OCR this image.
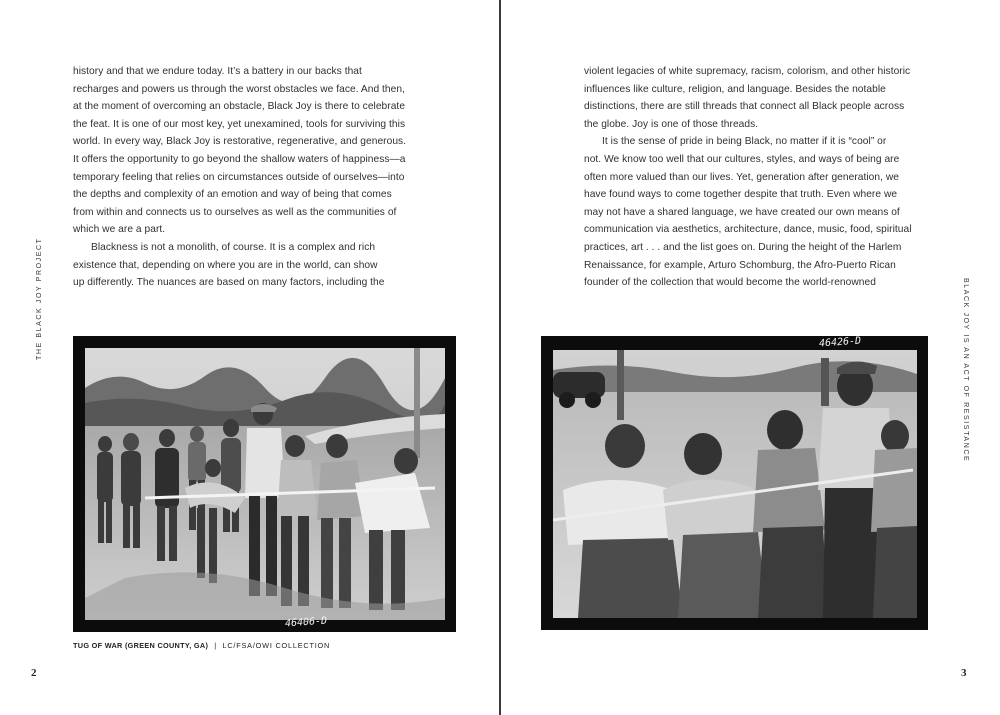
THE BLACK JOY PROJECT

history and that we endure today. It’s a battery in our backs that
recharges and powers us through the worst obstacles we face. And then,
at the moment of overcoming an obstacle, Black Joy is there to celebrate
the feat. It is one of our most key, yet unexamined, tools for surviving this
world. In every way, Black Joy is restorative, regenerative, and generous.
It offers the opportunity to go beyond the shallow waters of happiness—a
temporary feeling that relies on circumstances outside of ourselves—into
the depths and complexity of an emotion and way of being that comes
from within and connects us to ourselves as well as the communities of
which we are a part.

Blackness is not a monolith, of course. It is a complex and rich
existence that, depending on where you are in the world, can show
up differently. The nuances are based on many factors, including the

46406-D
TUG OF WAR (GREEN COUNTY, GA) | LC/FSA/OWI COLLECTION
2

violent legacies of white supremacy, racism, colorism, and other historic
influences like culture, religion, and language. Besides the notable
distinctions, there are still threads that connect all Black people across
the globe. Joy is one of those threads.

It is the sense of pride in being Black, no matter if it is “cool” or
not. We know too well that our cultures, styles, and ways of being are
often more valued than our lives. Yet, generation after generation, we
have found ways to come together despite that truth. Even where we
may not have a shared language, we have created our own means of
communication via aesthetics, architecture, dance, music, food, spiritual
practices, art . . . and the list goes on. During the height of the Harlem
Renaissance, for example, Arturo Schomburg, the Afro-Puerto Rican
founder of the collection that would become the world-renowned	BLACK JOY IS AN ACT OF RESISTANCE
46426-D
3
